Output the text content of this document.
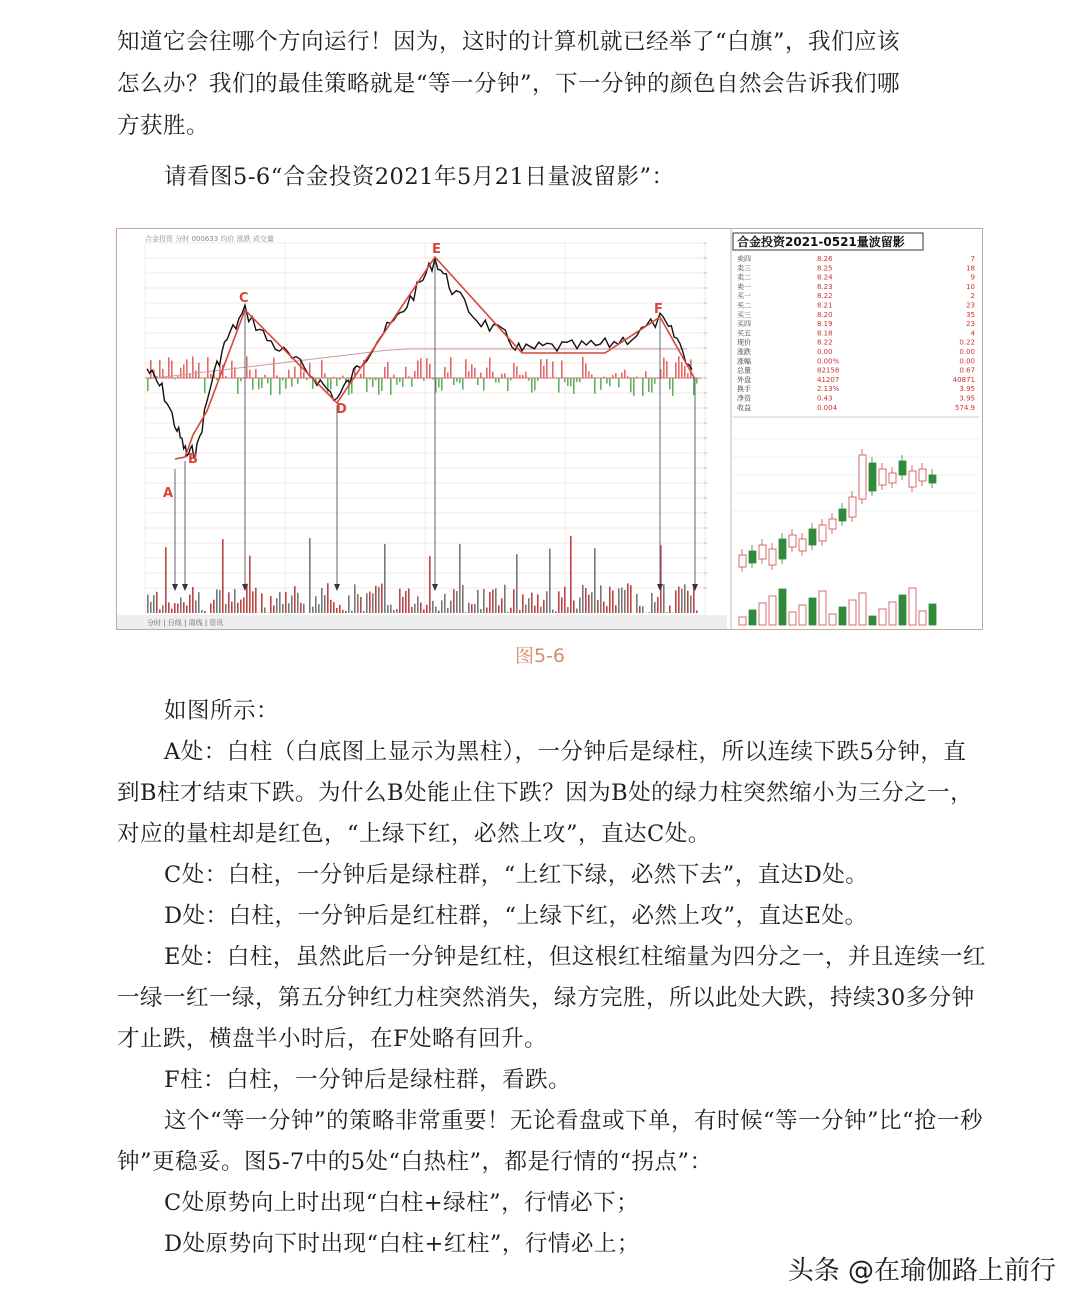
知道它会往哪个方向运行！因为，这时的计算机就已经举了“白旗”，我们应该
怎么办？我们的最佳策略就是“等一分钟”，下一分钟的颜色自然会告诉我们哪
方获胜。
请看图5-6“合金投资2021年5月21日量波留影”：
合金投资 分时 000633 均价 涨跌 成交量
A
B
C
D
E
F
分时 | 日线 | 周线 | 资讯
合金投资2021-0521量波留影
卖四	8.26	7
卖三	8.25	18
卖二	8.24	9
卖一	8.23	10
买一	8.22	2
买二	8.21	23
买三	8.20	35
买四	8.19	23
买五	8.18	4
现价	8.22	0.22
涨跌	0.00	0.00
涨幅	0.00%	0.00
总量	82158	0.67
外盘	41207	40871
换手	2.13%	3.95
净资	0.43	3.95
收益	0.004	574.9
图5-6

如图所示：

A处：白柱（白底图上显示为黑柱），一分钟后是绿柱，所以连续下跌5分钟，直到B柱才结束下跌。为什么B处能止住下跌？因为B处的绿力柱突然缩小为三分之一，对应的量柱却是红色，“上绿下红，必然上攻”，直达C处。

C处：白柱，一分钟后是绿柱群，“上红下绿，必然下去”，直达D处。

D处：白柱，一分钟后是红柱群，“上绿下红，必然上攻”，直达E处。

E处：白柱，虽然此后一分钟是红柱，但这根红柱缩量为四分之一，并且连续一红一绿一红一绿，第五分钟红力柱突然消失，绿方完胜，所以此处大跌，持续30多分钟才止跌，横盘半小时后，在F处略有回升。

F柱：白柱，一分钟后是绿柱群，看跌。

这个“等一分钟”的策略非常重要！无论看盘或下单，有时候“等一分钟”比“抢一秒钟”更稳妥。图5-7中的5处“白热柱”，都是行情的“拐点”：

C处原势向上时出现“白柱+绿柱”，行情必下；

D处原势向下时出现“白柱+红柱”，行情必上；

头条 @在瑜伽路上前行
